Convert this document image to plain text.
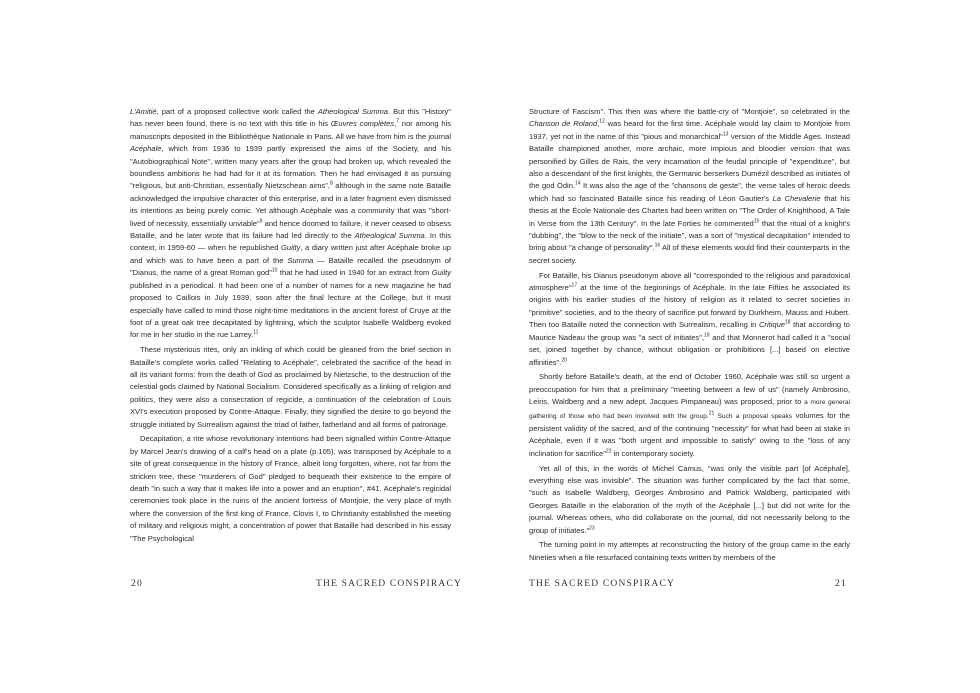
L'Amitié, part of a proposed collective work called the Atheological Summa. But this "History" has never been found, there is no text with this title in his Œuvres complètes,$^7$ nor among his manuscripts deposited in the Bibliothèque Nationale in Paris. All we have from him is the journal Acéphale, which from 1936 to 1939 partly expressed the aims of the Society, and his "Autobiographical Note", written many years after the group had broken up, which revealed the boundless ambitions he had had for it at its formation. Then he had envisaged it as pursuing "religious, but anti-Christian, essentially Nietzschean aims",$^8$ although in the same note Bataille acknowledged the impulsive character of this enterprise, and in a later fragment even dismissed its intentions as being purely comic. Yet although Acéphale was a community that was "short-lived of necessity, essentially unviable"$^9$ and hence doomed to failure, it never ceased to obsess Bataille, and he later wrote that its failure had led directly to the Atheological Summa. In this context, in 1959-60 — when he republished Guilty, a diary written just after Acéphale broke up and which was to have been a part of the Summa — Bataille recalled the pseudonym of "Dianus, the name of a great Roman god"$^{10}$ that he had used in 1940 for an extract from Guilty published in a periodical. It had been one of a number of names for a new magazine he had proposed to Caillois in July 1939, soon after the final lecture at the College, but it must especially have called to mind those night-time meditations in the ancient forest of Cruye at the foot of a great oak tree decapitated by lightning, which the sculptor Isabelle Waldberg evoked for me in her studio in the rue Larrey.$^{11}$

These mysterious rites, only an inkling of which could be gleaned from the brief section in Bataille's complete works called "Relating to Acéphale", celebrated the sacrifice of the head in all its variant forms: from the death of God as proclaimed by Nietzsche, to the destruction of the celestial gods claimed by National Socialism. Considered specifically as a linking of religion and politics, they were also a consecration of regicide, a continuation of the celebration of Louis XVI's execution proposed by Contre-Attaque. Finally, they signified the desire to go beyond the struggle initiated by Surrealism against the triad of father, fatherland and all forms of patronage.

Decapitation, a rite whose revolutionary intentions had been signalled within Contre-Attaque by Marcel Jean's drawing of a calf's head on a plate (p.105), was transposed by Acéphale to a site of great consequence in the history of France, albeit long forgotten, where, not far from the stricken tree, these "murderers of God" pledged to bequeath their existence to the empire of death "in such a way that it makes life into a power and an eruption", #41. Acéphale's regicidal ceremonies took place in the ruins of the ancient fortress of Montjoie, the very place of myth where the conversion of the first king of France, Clovis I, to Christianity established the meeting of military and religious might, a concentration of power that Bataille had described in his essay "The Psychological

20	THE SACRED CONSPIRACY

Structure of Fascism". This then was where the battle-cry of "Montjoie", so celebrated in the Chanson de Roland,$^{12}$ was heard for the first time. Acéphale would lay claim to Montjoie from 1937, yet not in the name of this "pious and monarchical"$^{13}$ version of the Middle Ages. Instead Bataille championed another, more archaic, more impious and bloodier version that was personified by Gilles de Rais, the very incarnation of the feudal principle of "expenditure", but also a descendant of the first knights, the Germanic berserkers Dumézil described as initiates of the god Odin.$^{14}$ It was also the age of the "chansons de geste", the verse tales of heroic deeds which had so fascinated Bataille since his reading of Léon Gautier's La Chevalerie that his thesis at the École Nationale des Chartes had been written on "The Order of Knighthood, A Tale in Verse from the 13th Century". In the late Forties he commented$^{15}$ that the ritual of a knight's "dubbing", the "blow to the neck of the initiate", was a sort of "mystical decapitation" intended to bring about "a change of personality".$^{16}$ All of these elements would find their counterparts in the secret society.

For Bataille, his Dianus pseudonym above all "corresponded to the religious and paradoxical atmosphere"$^{17}$ at the time of the beginnings of Acéphale. In the late Fifties he associated its origins with his earlier studies of the history of religion as it related to secret societies in "primitive" societies, and to the theory of sacrifice put forward by Durkheim, Mauss and Hubert. Then too Bataille noted the connection with Surrealism, recalling in Critique$^{18}$ that according to Maurice Nadeau the group was "a sect of initiates",$^{19}$ and that Monnerot had called it a "social set, joined together by chance, without obligation or prohibitions [...] based on elective affinities".$^{20}$

Shortly before Bataille's death, at the end of October 1960, Acéphale was still so urgent a preoccupation for him that a preliminary "meeting between a few of us" (namely Ambrosino, Leiris, Waldberg and a new adept, Jacques Pimpaneau) was proposed, prior to a more general gathering of those who had been involved with the group.$^{21}$ Such a proposal speaks volumes for the persistent validity of the sacred, and of the continuing "necessity" for what had been at stake in Acéphale, even if it was "both urgent and impossible to satisfy" owing to the "loss of any inclination for sacrifice"$^{22}$ in contemporary society.

Yet all of this, in the words of Michel Camus, "was only the visible part [of Acéphale], everything else was invisible". The situation was further complicated by the fact that some, "such as Isabelle Waldberg, Georges Ambrosino and Patrick Waldberg, participated with Georges Bataille in the elaboration of the myth of the Acéphale [...] but did not write for the journal. Whereas others, who did collaborate on the journal, did not necessarily belong to the group of initiates."$^{23}$

The turning point in my attempts at reconstructing the history of the group came in the early Nineties when a file resurfaced containing texts written by members of the

THE SACRED CONSPIRACY	21
